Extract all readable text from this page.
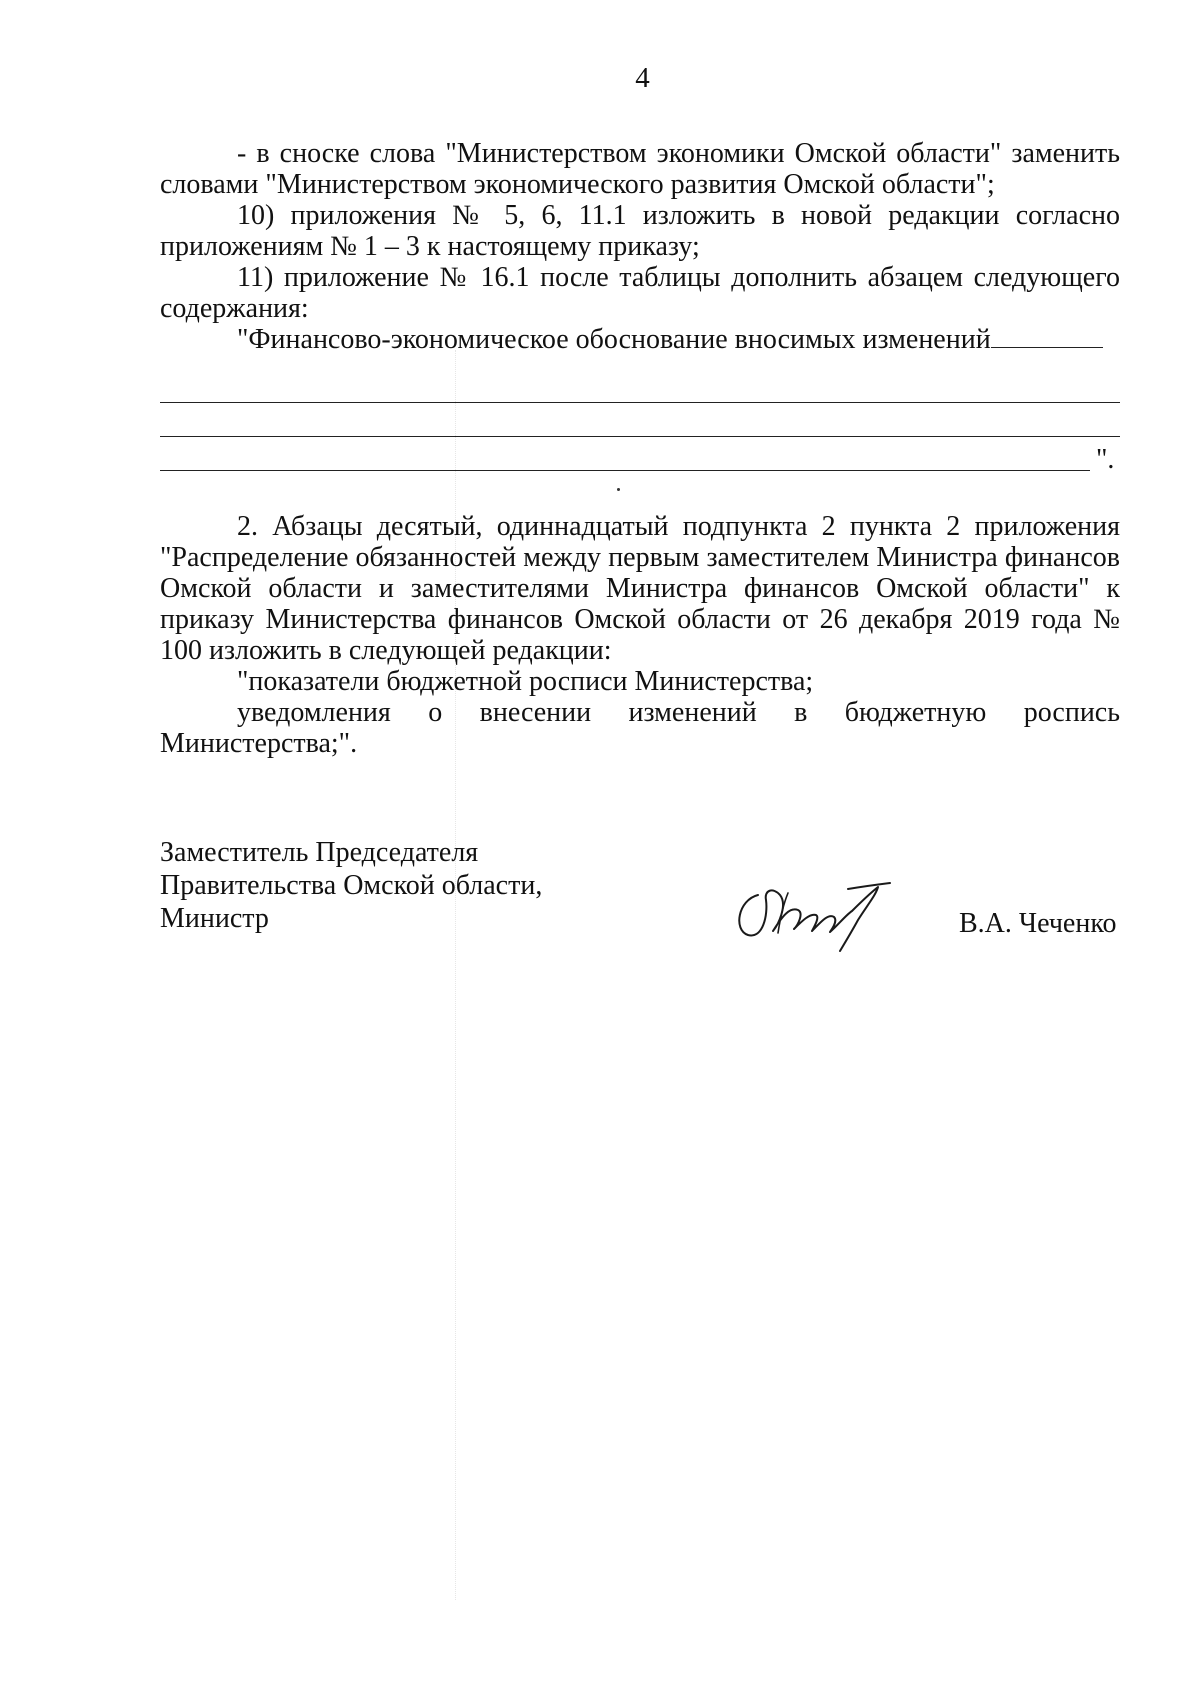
4

- в сноске слова "Министерством экономики Омской области" заменить словами "Министерством экономического развития Омской области";

10) приложения № 5, 6, 11.1 изложить в новой редакции согласно приложениям № 1 – 3 к настоящему приказу;

11) приложение № 16.1 после таблицы дополнить абзацем следующего содержания:

"Финансово-экономическое обоснование вносимых изменений

".

2. Абзацы десятый, одиннадцатый подпункта 2 пункта 2 приложения "Распределение обязанностей между первым заместителем Министра финансов Омской области и заместителями Министра финансов Омской области" к приказу Министерства финансов Омской области от 26 декабря 2019 года № 100 изложить в следующей редакции:

"показатели бюджетной росписи Министерства;

уведомления о внесении изменений в бюджетную роспись Министерства;".

Заместитель Председателя
Правительства Омской области,
Министр	В.А. Чеченко
